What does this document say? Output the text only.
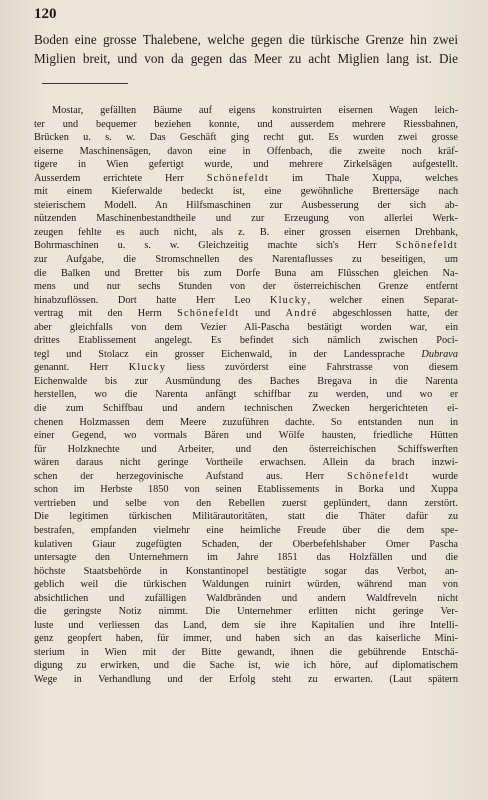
120

Boden eine grosse Thalebene, welche gegen die türkische Grenze hin zwei Miglien breit, und von da gegen das Meer zu acht Miglien lang ist. Die

Mostar, gefällten Bäume auf eigens konstruirten eisernen Wagen leich-
ter und bequemer beziehen konnte, und ausserdem mehrere Riessbahnen,
Brücken u. s. w. Das Geschäft ging recht gut. Es wurden zwei grosse
eiserne Maschinensägen, davon eine in Offenbach, die zweite noch kräf-
tigere in Wien gefertigt wurde, und mehrere Zirkelsägen aufgestellt.
Ausserdem errichtete Herr Schönefeldt im Thale Xuppa, welches
mit einem Kieferwalde bedeckt ist, eine gewöhnliche Brettersäge nach
steierischem Modell. An Hilfsmaschinen zur Ausbesserung der sich ab-
nützenden Maschinenbestandtheile und zur Erzeugung von allerlei Werk-
zeugen fehlte es auch nicht, als z. B. einer grossen eisernen Drehbank,
Bohrmaschinen u. s. w. Gleichzeitig machte sich's Herr Schönefeldt
zur Aufgabe, die Stromschnellen des Narentaflusses zu beseitigen, um
die Balken und Bretter bis zum Dorfe Buna am Flüsschen gleichen Na-
mens und nur sechs Stunden von der österreichischen Grenze entfernt
hinabzuflössen. Dort hatte Herr Leo Klucky, welcher einen Separat-
vertrag mit den Herrn Schönefeldt und André abgeschlossen hatte, der
aber gleichfalls von dem Vezier Ali-Pascha bestätigt worden war, ein
drittes Etablissement angelegt. Es befindet sich nämlich zwischen Poci-
tegl und Stolacz ein grosser Eichenwald, in der Landessprache Dubrava
genannt. Herr Klucky liess zuvörderst eine Fahrstrasse von diesem
Eichenwalde bis zur Ausmündung des Baches Bregava in die Narenta
herstellen, wo die Narenta anfängt schiffbar zu werden, und wo er
die zum Schiffbau und andern technischen Zwecken hergerichteten ei-
chenen Holzmassen dem Meere zuzuführen dachte. So entstanden nun in
einer Gegend, wo vormals Bären und Wölfe hausten, friedliche Hütten
für Holzknechte und Arbeiter, und den österreichischen Schiffswerften
wären daraus nicht geringe Vortheile erwachsen. Allein da brach inzwi-
schen der herzegovinische Aufstand aus. Herr Schönefeldt wurde
schon im Herbste 1850 von seinen Etablissements in Borka und Xuppa
vertrieben und selbe von den Rebellen zuerst geplündert, dann zerstört.
Die legitimen türkischen Militärautoritäten, statt die Thäter dafür zu
bestrafen, empfanden vielmehr eine heimliche Freude über die dem spe-
kulativen Giaur zugefügten Schaden, der Oberbefehlshaber Omer Pascha
untersagte den Unternehmern im Jahre 1851 das Holzfällen und die
höchste Staatsbehörde in Konstantinopel bestätigte sogar das Verbot, an-
geblich weil die türkischen Waldungen ruinirt würden, während man von
absichtlichen und zufälligen Waldbränden und andern Waldfreveln nicht
die geringste Notiz nimmt. Die Unternehmer erlitten nicht geringe Ver-
luste und verliessen das Land, dem sie ihre Kapitalien und ihre Intelli-
genz geopfert haben, für immer, und haben sich an das kaiserliche Mini-
sterium in Wien mit der Bitte gewandt, ihnen die gebührende Entschä-
digung zu erwirken, und die Sache ist, wie ich höre, auf diplomatischem
Wege in Verhandlung und der Erfolg steht zu erwarten. (Laut spätern
